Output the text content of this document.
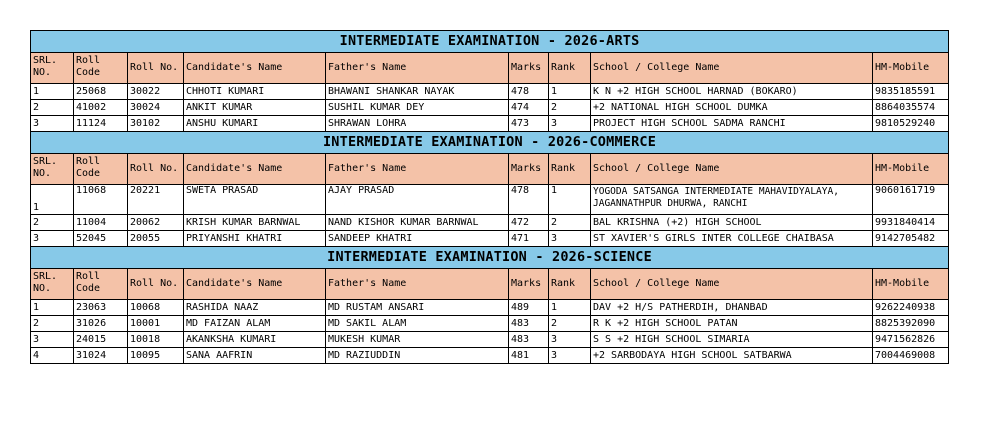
INTERMEDIATE EXAMINATION - 2026-ARTS								
SRL. NO.	Roll Code	Roll No.	Candidate's Name	Father's Name	Marks	Rank	School / College Name	HM-Mobile
1	25068	30022	CHHOTI KUMARI	BHAWANI SHANKAR NAYAK	478	1	K N +2 HIGH SCHOOL HARNAD (BOKARO)	9835185591
2	41002	30024	ANKIT KUMAR	SUSHIL KUMAR DEY	474	2	+2 NATIONAL HIGH SCHOOL DUMKA	8864035574
3	11124	30102	ANSHU KUMARI	SHRAWAN LOHRA	473	3	PROJECT HIGH SCHOOL SADMA RANCHI	9810529240
INTERMEDIATE EXAMINATION - 2026-COMMERCE								
SRL. NO.	Roll Code	Roll No.	Candidate's Name	Father's Name	Marks	Rank	School / College Name	HM-Mobile
1	11068	20221	SWETA PRASAD	AJAY PRASAD	478	1	YOGODA SATSANGA INTERMEDIATE MAHAVIDYALAYA, JAGANNATHPUR DHURWA, RANCHI	9060161719
2	11004	20062	KRISH KUMAR BARNWAL	NAND KISHOR KUMAR BARNWAL	472	2	BAL KRISHNA (+2) HIGH SCHOOL	9931840414
3	52045	20055	PRIYANSHI KHATRI	SANDEEP KHATRI	471	3	ST XAVIER'S GIRLS INTER COLLEGE CHAIBASA	9142705482
INTERMEDIATE EXAMINATION - 2026-SCIENCE								
SRL. NO.	Roll Code	Roll No.	Candidate's Name	Father's Name	Marks	Rank	School / College Name	HM-Mobile
1	23063	10068	RASHIDA NAAZ	MD RUSTAM ANSARI	489	1	DAV +2 H/S PATHERDIH, DHANBAD	9262240938
2	31026	10001	MD FAIZAN ALAM	MD SAKIL ALAM	483	2	R K +2 HIGH SCHOOL PATAN	8825392090
3	24015	10018	AKANKSHA KUMARI	MUKESH KUMAR	483	3	S S +2 HIGH SCHOOL SIMARIA	9471562826
4	31024	10095	SANA AAFRIN	MD RAZIUDDIN	481	3	+2 SARBODAYA HIGH SCHOOL SATBARWA	7004469008
